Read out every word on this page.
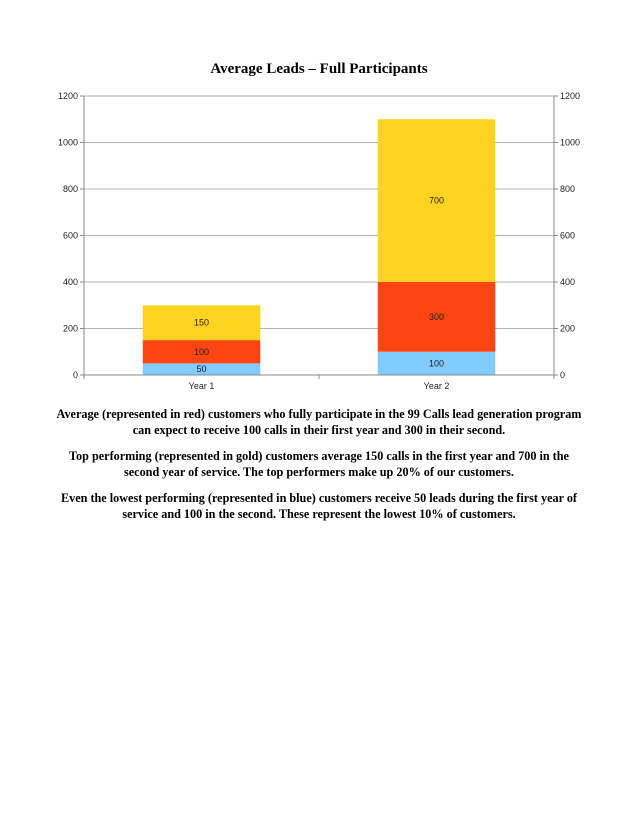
Average Leads – Full Participants
0	0
200	200
400	400
600	600
800	800
1000	1000
1200	1200
50
100
150
Year 1
100
300
700
Year 2

Average (represented in red) customers who fully participate in the 99 Calls lead generation program can expect to receive 100 calls in their first year and 300 in their second.

Top performing (represented in gold) customers average 150 calls in the first year and 700 in the second year of service. The top performers make up 20% of our customers.

Even the lowest performing (represented in blue) customers receive 50 leads during the first year of service and 100 in the second. These represent the lowest 10% of customers.
